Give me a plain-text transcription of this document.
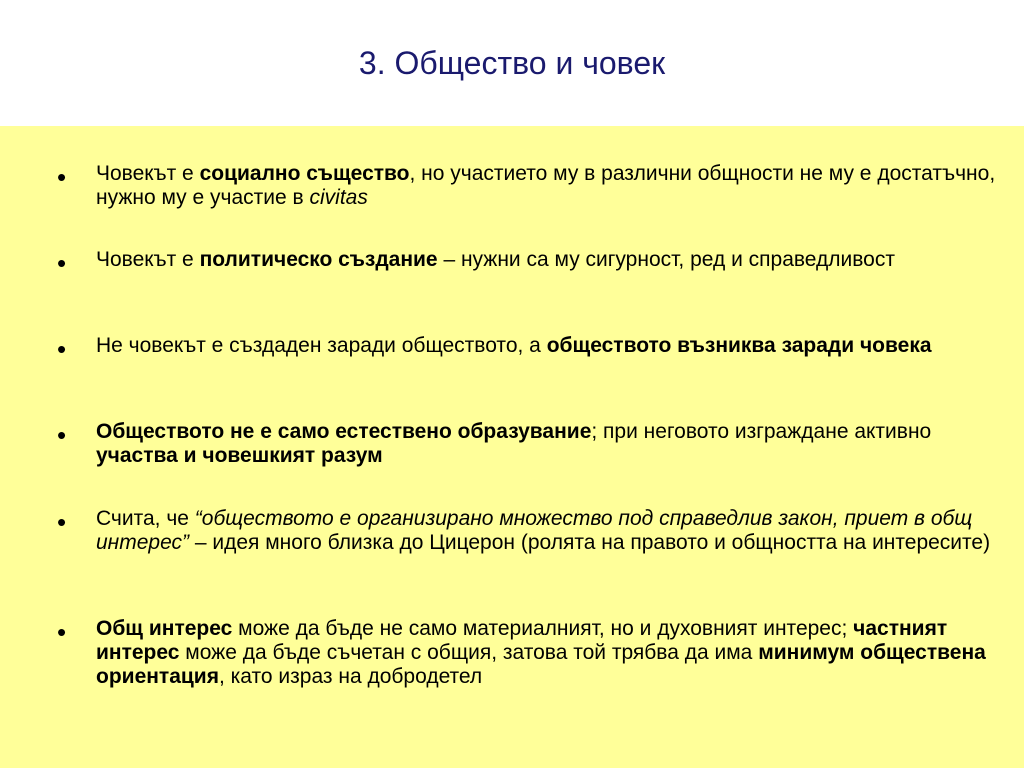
3. Общество и човек
• Човекът е социално същество, но участието му в различни общности не му е достатъчно, нужно му е участие в civitas
• Човекът е политическо създание – нужни са му сигурност, ред и справедливост
• Не човекът е създаден заради обществото, а обществото възниква заради човека
• Обществото не е само естествено образувание; при неговото изграждане активно участва и човешкият разум
• Счита, че “обществото е организирано множество под справедлив закон, приет в общ интерес” – идея много близка до Цицерон (ролята на правото и общността на интересите)
• Общ интерес може да бъде не само материалният, но и духовният интерес; частният интерес може да бъде съчетан с общия, затова той трябва да има минимум обществена ориентация, като израз на добродетел
